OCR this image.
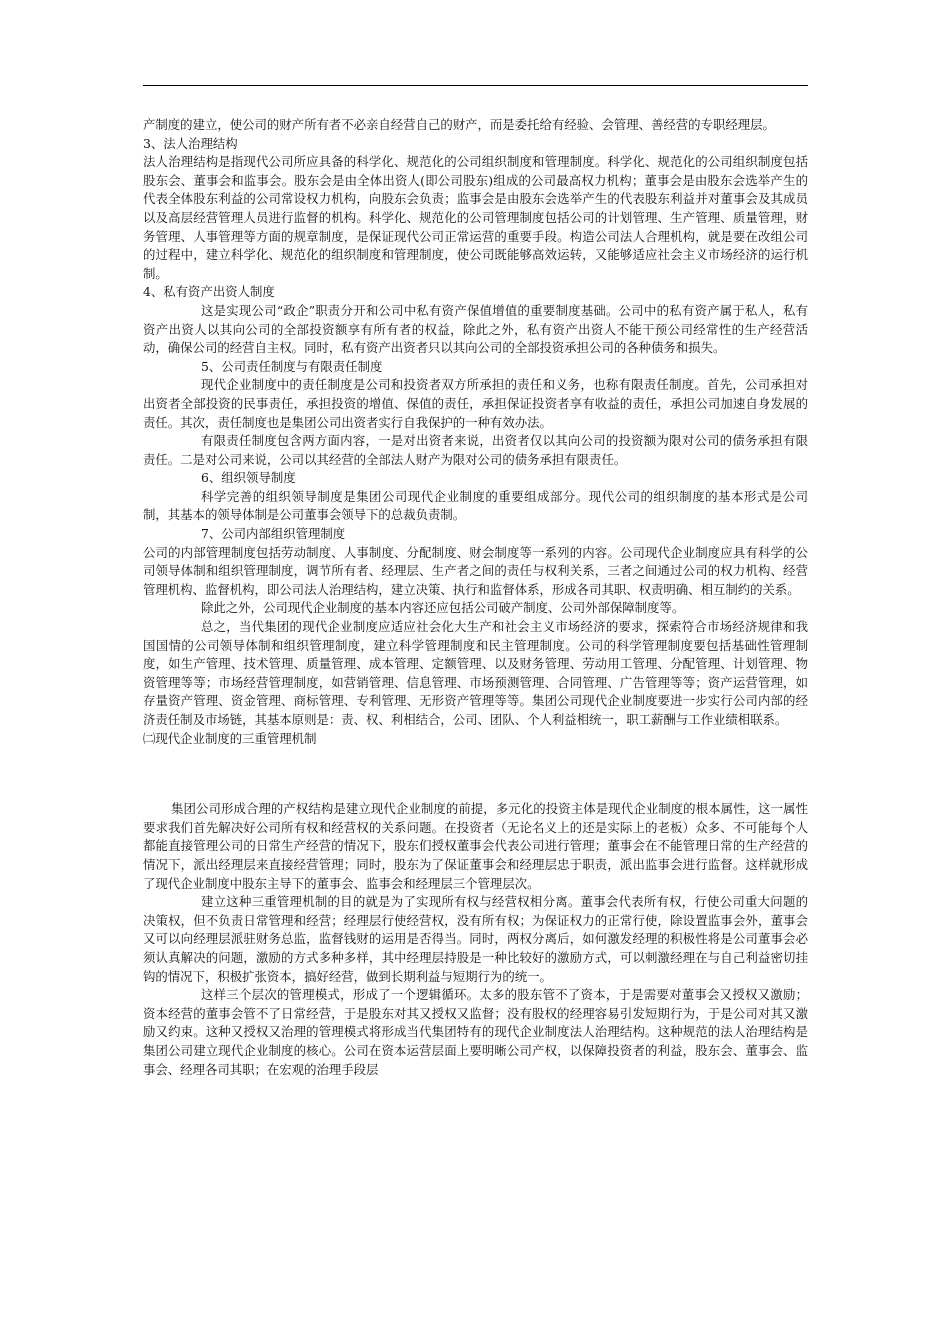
产制度的建立，使公司的财产所有者不必亲自经营自己的财产，而是委托给有经验、会管理、善经营的专职经理层。

3、法人治理结构

法人治理结构是指现代公司所应具备的科学化、规范化的公司组织制度和管理制度。科学化、规范化的公司组织制度包括股东会、董事会和监事会。股东会是由全体出资人(即公司股东)组成的公司最高权力机构；董事会是由股东会选举产生的代表全体股东利益的公司常设权力机构，向股东会负责；监事会是由股东会选举产生的代表股东利益并对董事会及其成员以及高层经营管理人员进行监督的机构。科学化、规范化的公司管理制度包括公司的计划管理、生产管理、质量管理，财务管理、人事管理等方面的规章制度，是保证现代公司正常运营的重要手段。构造公司法人合理机构，就是要在改组公司的过程中，建立科学化、规范化的组织制度和管理制度，使公司既能够高效运转，又能够适应社会主义市场经济的运行机制。

4、私有资产出资人制度

这是实现公司“政企”职责分开和公司中私有资产保值增值的重要制度基础。公司中的私有资产属于私人，私有资产出资人以其向公司的全部投资额享有所有者的权益，除此之外，私有资产出资人不能干预公司经常性的生产经营活动，确保公司的经营自主权。同时，私有资产出资者只以其向公司的全部投资承担公司的各种债务和损失。

5、公司责任制度与有限责任制度

现代企业制度中的责任制度是公司和投资者双方所承担的责任和义务，也称有限责任制度。首先，公司承担对出资者全部投资的民事责任，承担投资的增值、保值的责任，承担保证投资者享有收益的责任，承担公司加速自身发展的责任。其次，责任制度也是集团公司出资者实行自我保护的一种有效办法。

有限责任制度包含两方面内容，一是对出资者来说，出资者仅以其向公司的投资额为限对公司的债务承担有限责任。二是对公司来说，公司以其经营的全部法人财产为限对公司的债务承担有限责任。

6、组织领导制度

科学完善的组织领导制度是集团公司现代企业制度的重要组成部分。现代公司的组织制度的基本形式是公司制，其基本的领导体制是公司董事会领导下的总裁负责制。

7、公司内部组织管理制度

公司的内部管理制度包括劳动制度、人事制度、分配制度、财会制度等一系列的内容。公司现代企业制度应具有科学的公司领导体制和组织管理制度，调节所有者、经理层、生产者之间的责任与权利关系，三者之间通过公司的权力机构、经营管理机构、监督机构，即公司法人治理结构，建立决策、执行和监督体系，形成各司其职、权责明确、相互制约的关系。

除此之外，公司现代企业制度的基本内容还应包括公司破产制度、公司外部保障制度等。

总之，当代集团的现代企业制度应适应社会化大生产和社会主义市场经济的要求，探索符合市场经济规律和我国国情的公司领导体制和组织管理制度，建立科学管理制度和民主管理制度。公司的科学管理制度要包括基础性管理制度，如生产管理、技术管理、质量管理、成本管理、定额管理、以及财务管理、劳动用工管理、分配管理、计划管理、物资管理等等；市场经营管理制度，如营销管理、信息管理、市场预测管理、合同管理、广告管理等等；资产运营管理，如存量资产管理、资金管理、商标管理、专利管理、无形资产管理等等。集团公司现代企业制度要进一步实行公司内部的经济责任制及市场链，其基本原则是：责、权、利相结合，公司、团队、个人利益相统一，职工薪酬与工作业绩相联系。

㈡现代企业制度的三重管理机制

集团公司形成合理的产权结构是建立现代企业制度的前提，多元化的投资主体是现代企业制度的根本属性，这一属性要求我们首先解决好公司所有权和经营权的关系问题。在投资者（无论名义上的还是实际上的老板）众多、不可能每个人都能直接管理公司的日常生产经营的情况下，股东们授权董事会代表公司进行管理；董事会在不能管理日常的生产经营的情况下，派出经理层来直接经营管理；同时，股东为了保证董事会和经理层忠于职责，派出监事会进行监督。这样就形成了现代企业制度中股东主导下的董事会、监事会和经理层三个管理层次。

建立这种三重管理机制的目的就是为了实现所有权与经营权相分离。董事会代表所有权，行使公司重大问题的决策权，但不负责日常管理和经营；经理层行使经营权，没有所有权；为保证权力的正常行使，除设置监事会外，董事会又可以向经理层派驻财务总监，监督钱财的运用是否得当。同时，两权分离后，如何激发经理的积极性将是公司董事会必须认真解决的问题，激励的方式多种多样，其中经理层持股是一种比较好的激励方式，可以刺激经理在与自己利益密切挂钩的情况下，积极扩张资本，搞好经营，做到长期利益与短期行为的统一。

这样三个层次的管理模式，形成了一个逻辑循环。太多的股东管不了资本，于是需要对董事会又授权又激励；资本经营的董事会管不了日常经营，于是股东对其又授权又监督；没有股权的经理容易引发短期行为，于是公司对其又激励又约束。这种又授权又治理的管理模式将形成当代集团特有的现代企业制度法人治理结构。这种规范的法人治理结构是集团公司建立现代企业制度的核心。公司在资本运营层面上要明晰公司产权，以保障投资者的利益，股东会、董事会、监事会、经理各司其职；在宏观的治理手段层
